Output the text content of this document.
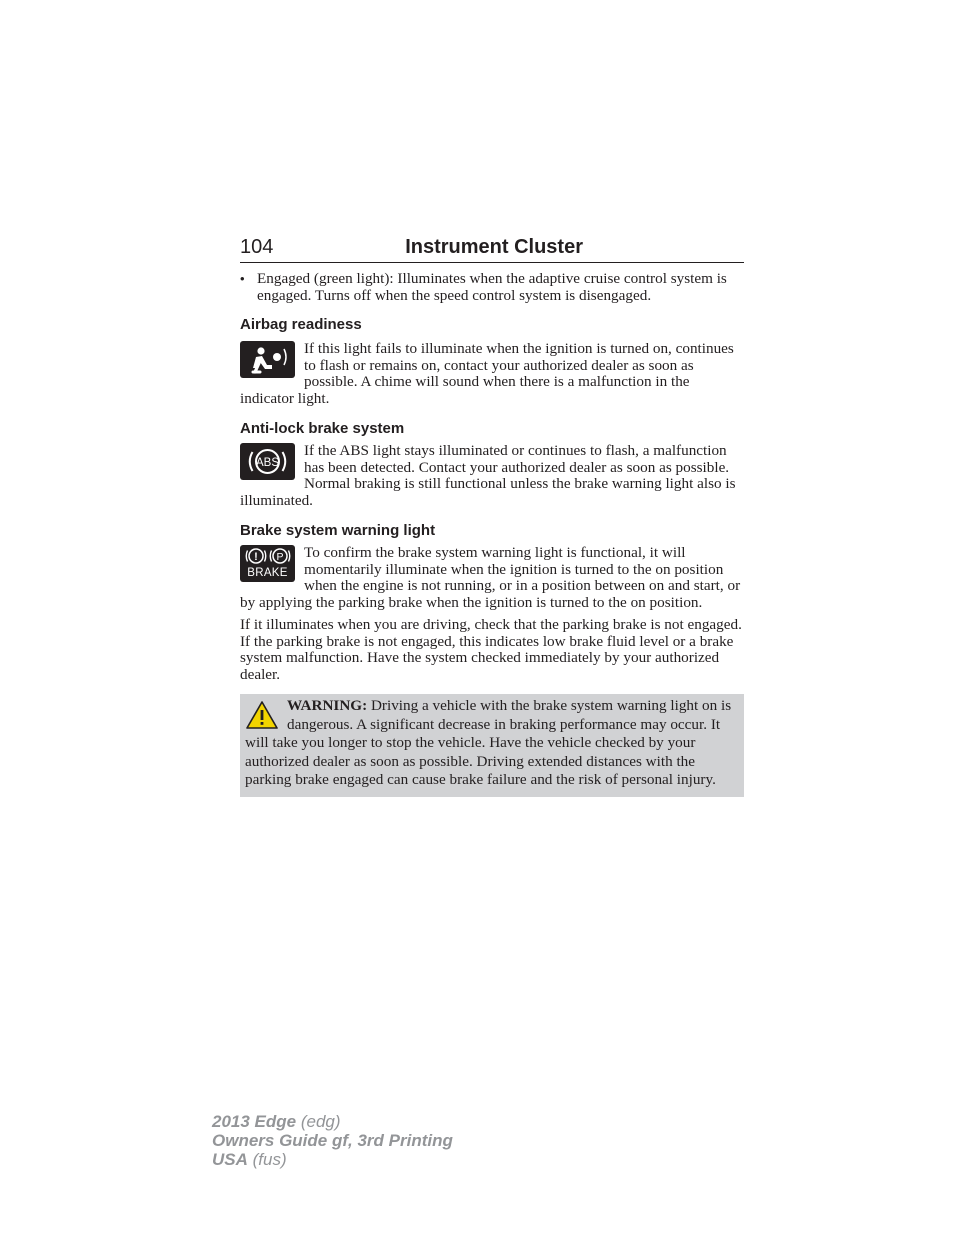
104	Instrument Cluster
• Engaged (green light): Illuminates when the adaptive cruise control system is engaged. Turns off when the speed control system is disengaged.

Airbag readiness

If this light fails to illuminate when the ignition is turned on, continues to flash or remains on, contact your authorized dealer as soon as possible. A chime will sound when there is a malfunction in the indicator light.

Anti-lock brake system
ABS

If the ABS light stays illuminated or continues to flash, a malfunction has been detected. Contact your authorized dealer as soon as possible. Normal braking is still functional unless the brake warning light also is illuminated.

Brake system warning light
! P
BRAKE

To confirm the brake system warning light is functional, it will momentarily illuminate when the ignition is turned to the on position when the engine is not running, or in a position between on and start, or by applying the parking brake when the ignition is turned to the on position.

If it illuminates when you are driving, check that the parking brake is not engaged. If the parking brake is not engaged, this indicates low brake fluid level or a brake system malfunction. Have the system checked immediately by your authorized dealer.

WARNING: Driving a vehicle with the brake system warning light on is dangerous. A significant decrease in braking performance may occur. It will take you longer to stop the vehicle. Have the vehicle checked by your authorized dealer as soon as possible. Driving extended distances with the parking brake engaged can cause brake failure and the risk of personal injury.

2013 Edge (edg)
Owners Guide gf, 3rd Printing
USA (fus)
